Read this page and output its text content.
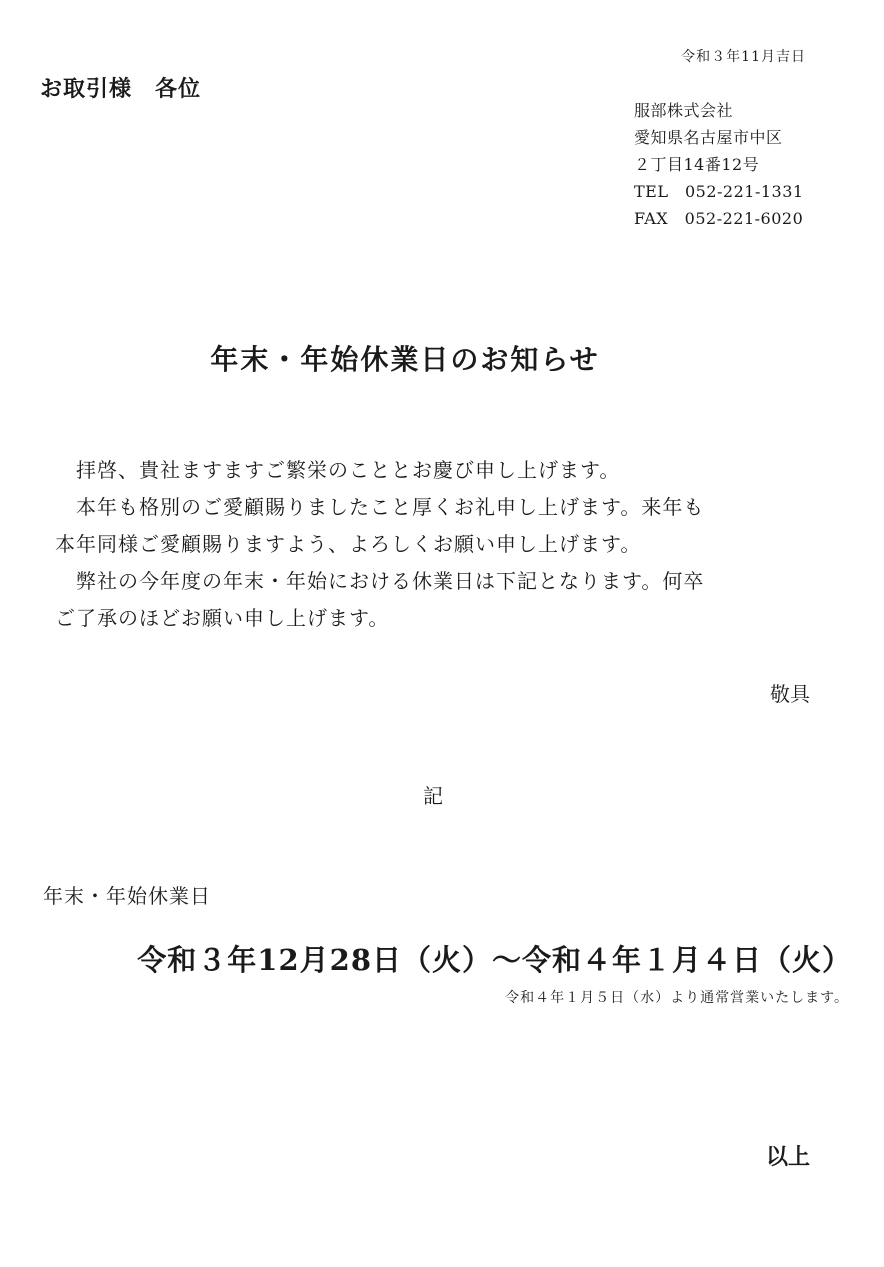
令和３年11月吉日
お取引様　各位
服部株式会社
愛知県名古屋市中区
２丁目14番12号
TEL　052-221-1331
FAX　052-221-6020
年末・年始休業日のお知らせ
　拝啓、貴社ますますご繁栄のこととお慶び申し上げます。
　本年も格別のご愛顧賜りましたこと厚くお礼申し上げます。来年も
本年同様ご愛顧賜りますよう、よろしくお願い申し上げます。
　弊社の今年度の年末・年始における休業日は下記となります。何卒
ご了承のほどお願い申し上げます。
敬具
記
年末・年始休業日
令和３年12月28日（火）～令和４年１月４日（火）
令和４年１月５日（水）より通常営業いたします。
以上
